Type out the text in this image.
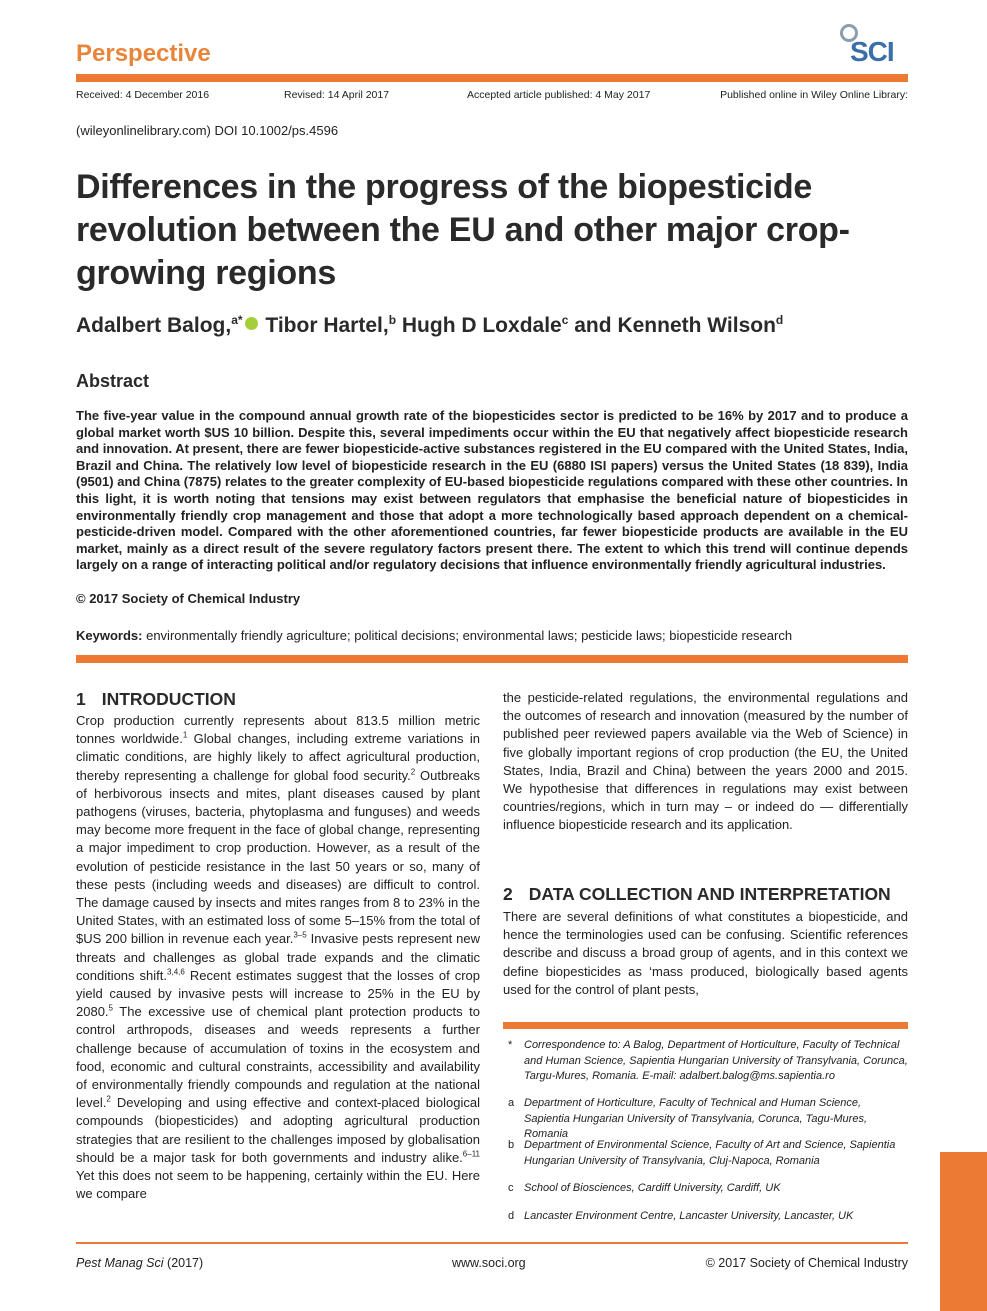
Perspective	SCI
Received: 4 December 2016	Revised: 14 April 2017	Accepted article published: 4 May 2017	Published online in Wiley Online Library:
(wileyonlinelibrary.com) DOI 10.1002/ps.4596
Differences in the progress of the biopesticide revolution between the EU and other major crop-growing regions
Adalbert Balog,$^{a*}$ Tibor Hartel,$^b$ Hugh D Loxdale$^c$ and Kenneth Wilson$^d$
Abstract
The five-year value in the compound annual growth rate of the biopesticides sector is predicted to be 16% by 2017 and to produce a global market worth $US 10 billion. Despite this, several impediments occur within the EU that negatively affect biopesticide research and innovation. At present, there are fewer biopesticide-active substances registered in the EU compared with the United States, India, Brazil and China. The relatively low level of biopesticide research in the EU (6880 ISI papers) versus the United States (18 839), India (9501) and China (7875) relates to the greater complexity of EU-based biopesticide regulations compared with these other countries. In this light, it is worth noting that tensions may exist between regulators that emphasise the beneficial nature of biopesticides in environmentally friendly crop management and those that adopt a more technologically based approach dependent on a chemical-pesticide-driven model. Compared with the other aforementioned countries, far fewer biopesticide products are available in the EU market, mainly as a direct result of the severe regulatory factors present there. The extent to which this trend will continue depends largely on a range of interacting political and/or regulatory decisions that influence environmentally friendly agricultural industries.
© 2017 Society of Chemical Industry
Keywords: environmentally friendly agriculture; political decisions; environmental laws; pesticide laws; biopesticide research
1 INTRODUCTION
Crop production currently represents about 813.5 million metric tonnes worldwide.$^1$ Global changes, including extreme variations in climatic conditions, are highly likely to affect agricultural production, thereby representing a challenge for global food security.$^2$ Outbreaks of herbivorous insects and mites, plant diseases caused by plant pathogens (viruses, bacteria, phytoplasma and funguses) and weeds may become more frequent in the face of global change, representing a major impediment to crop production. However, as a result of the evolution of pesticide resistance in the last 50 years or so, many of these pests (including weeds and diseases) are difficult to control. The damage caused by insects and mites ranges from 8 to 23% in the United States, with an estimated loss of some 5–15% from the total of $US 200 billion in revenue each year.$^{3-5}$ Invasive pests represent new threats and challenges as global trade expands and the climatic conditions shift.$^{3,4,6}$ Recent estimates suggest that the losses of crop yield caused by invasive pests will increase to 25% in the EU by 2080.$^5$ The excessive use of chemical plant protection products to control arthropods, diseases and weeds represents a further challenge because of accumulation of toxins in the ecosystem and food, economic and cultural constraints, accessibility and availability of environmentally friendly compounds and regulation at the national level.$^2$ Developing and using effective and context-placed biological compounds (biopesticides) and adopting agricultural production strategies that are resilient to the challenges imposed by globalisation should be a major task for both governments and industry alike.$^{6-11}$ Yet this does not seem to be happening, certainly within the EU. Here we compare
the pesticide-related regulations, the environmental regulations and the outcomes of research and innovation (measured by the number of published peer reviewed papers available via the Web of Science) in five globally important regions of crop production (the EU, the United States, India, Brazil and China) between the years 2000 and 2015. We hypothesise that differences in regulations may exist between countries/regions, which in turn may – or indeed do — differentially influence biopesticide research and its application.
2 DATA COLLECTION AND INTERPRETATION
There are several definitions of what constitutes a biopesticide, and hence the terminologies used can be confusing. Scientific references describe and discuss a broad group of agents, and in this context we define biopesticides as ‘mass produced, biologically based agents used for the control of plant pests,
* Correspondence to: A Balog, Department of Horticulture, Faculty of Technical and Human Science, Sapientia Hungarian University of Transylvania, Corunca, Targu-Mures, Romania. E-mail: adalbert.balog@ms.sapientia.ro
a Department of Horticulture, Faculty of Technical and Human Science, Sapientia Hungarian University of Transylvania, Corunca, Tagu-Mures, Romania
b Department of Environmental Science, Faculty of Art and Science, Sapientia Hungarian University of Transylvania, Cluj-Napoca, Romania
c School of Biosciences, Cardiff University, Cardiff, UK
d Lancaster Environment Centre, Lancaster University, Lancaster, UK
Pest Manag Sci (2017)	www.soci.org	© 2017 Society of Chemical Industry
